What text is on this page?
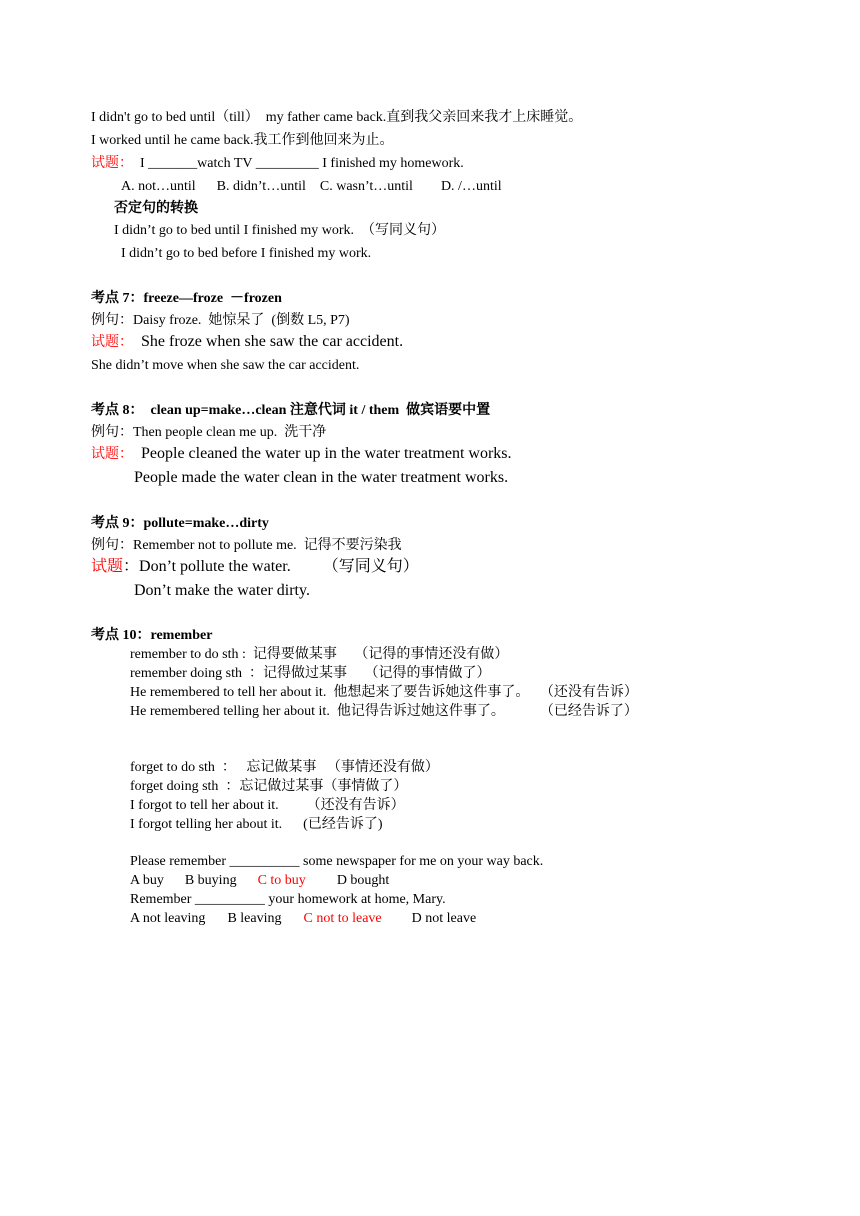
I didn't go to bed until（till）  my father came back.直到我父亲回来我才上床睡觉。
I worked until he came back.我工作到他回来为止。
试题：  I _______watch TV _________ I finished my homework.
A. not…until      B. didn’t…until    C. wasn’t…until        D. /…until
否定句的转换
I didn’t go to bed until I finished my work.  （写同义句）
I didn’t go to bed before I finished my work.
考点 7：freeze—froze  －frozen
例句：Daisy froze.  她惊呆了  (倒数 L5, P7)
试题：  She froze when she saw the car accident.
She didn’t move when she saw the car accident.
考点 8：  clean up=make…clean 注意代词 it / them  做宾语要中置
例句：Then people clean me up.  洗干净
试题：  People cleaned the water up in the water treatment works.
People made the water clean in the water treatment works.
考点 9：pollute=make…dirty
例句：Remember not to pollute me.  记得不要污染我
试题：Don’t pollute the water.        （写同义句）
Don’t make the water dirty.
考点 10：remember
remember to do sth :  记得要做某事     （记得的事情还没有做）
remember doing sth  ：记得做过某事     （记得的事情做了）
He remembered to tell her about it.  他想起来了要告诉她这件事了。   （还没有告诉）
He remembered telling her about it.  他记得告诉过她这件事了。          （已经告诉了）
forget to do sth  ：   忘记做某事   （事情还没有做）
forget doing sth  ：忘记做过某事（事情做了）
I forgot to tell her about it.        （还没有告诉）
I forgot telling her about it.      (已经告诉了)
Please remember __________ some newspaper for me on your way back.
A buy B buying C to buy D bought
Remember __________ your homework at home, Mary.
A not leaving B leaving C not to leave D not leave
